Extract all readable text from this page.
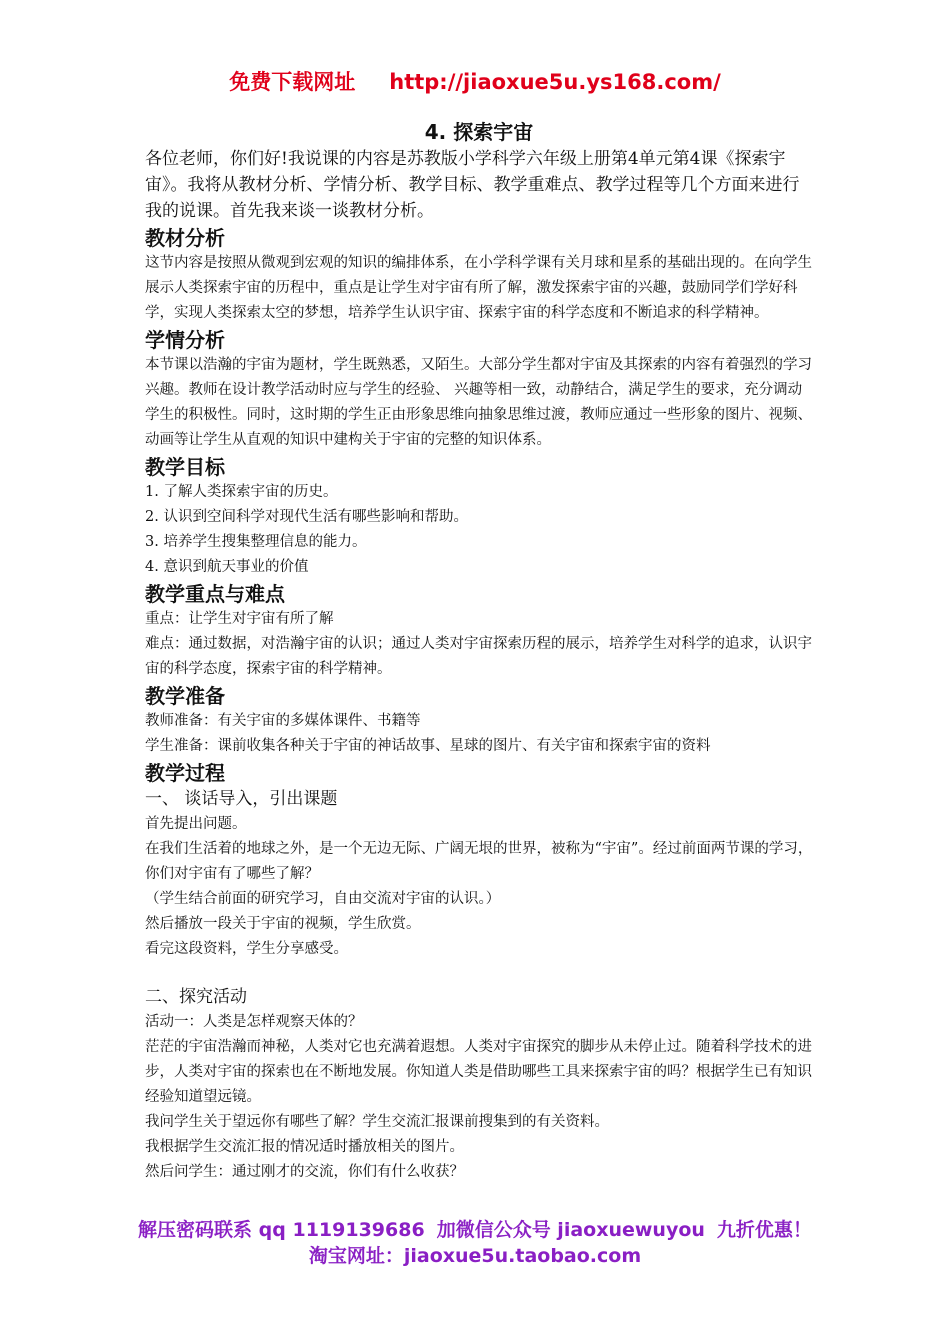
免费下载网址 http://jiaoxue5u.ys168.com/
4. 探索宇宙

各位老师，你们好!我说课的内容是苏教版小学科学六年级上册第4单元第4课《探索宇宙》。我将从教材分析、学情分析、教学目标、教学重难点、教学过程等几个方面来进行我的说课。首先我来谈一谈教材分析。

教材分析

这节内容是按照从微观到宏观的知识的编排体系，在小学科学课有关月球和星系的基础出现的。在向学生展示人类探索宇宙的历程中，重点是让学生对宇宙有所了解，激发探索宇宙的兴趣，鼓励同学们学好科学，实现人类探索太空的梦想，培养学生认识宇宙、探索宇宙的科学态度和不断追求的科学精神。

学情分析

本节课以浩瀚的宇宙为题材，学生既熟悉，又陌生。大部分学生都对宇宙及其探索的内容有着强烈的学习兴趣。教师在设计教学活动时应与学生的经验、 兴趣等相一致，动静结合，满足学生的要求，充分调动学生的积极性。同时，这时期的学生正由形象思维向抽象思维过渡，教师应通过一些形象的图片、视频、动画等让学生从直观的知识中建构关于宇宙的完整的知识体系。

教学目标

1. 了解人类探索宇宙的历史。

2. 认识到空间科学对现代生活有哪些影响和帮助。

3. 培养学生搜集整理信息的能力。

4. 意识到航天事业的价值

教学重点与难点

重点：让学生对宇宙有所了解

难点：通过数据，对浩瀚宇宙的认识；通过人类对宇宙探索历程的展示，培养学生对科学的追求，认识宇宙的科学态度，探索宇宙的科学精神。

教学准备

教师准备：有关宇宙的多媒体课件、书籍等

学生准备：课前收集各种关于宇宙的神话故事、星球的图片、有关宇宙和探索宇宙的资料

教学过程
一、 谈话导入，引出课题

首先提出问题。

在我们生活着的地球之外，是一个无边无际、广阔无垠的世界，被称为“宇宙”。经过前面两节课的学习，你们对宇宙有了哪些了解？

（学生结合前面的研究学习，自由交流对宇宙的认识。）

然后播放一段关于宇宙的视频，学生欣赏。

看完这段资料，学生分享感受。

二、探究活动

活动一：人类是怎样观察天体的？

茫茫的宇宙浩瀚而神秘，人类对它也充满着遐想。人类对宇宙探究的脚步从未停止过。随着科学技术的进步，人类对宇宙的探索也在不断地发展。你知道人类是借助哪些工具来探索宇宙的吗？根据学生已有知识经验知道望远镜。

我问学生关于望远你有哪些了解？学生交流汇报课前搜集到的有关资料。

我根据学生交流汇报的情况适时播放相关的图片。

然后问学生：通过刚才的交流，你们有什么收获？

解压密码联系 qq 1119139686 加微信公众号 jiaoxuewuyou 九折优惠！
淘宝网址：jiaoxue5u.taobao.com
